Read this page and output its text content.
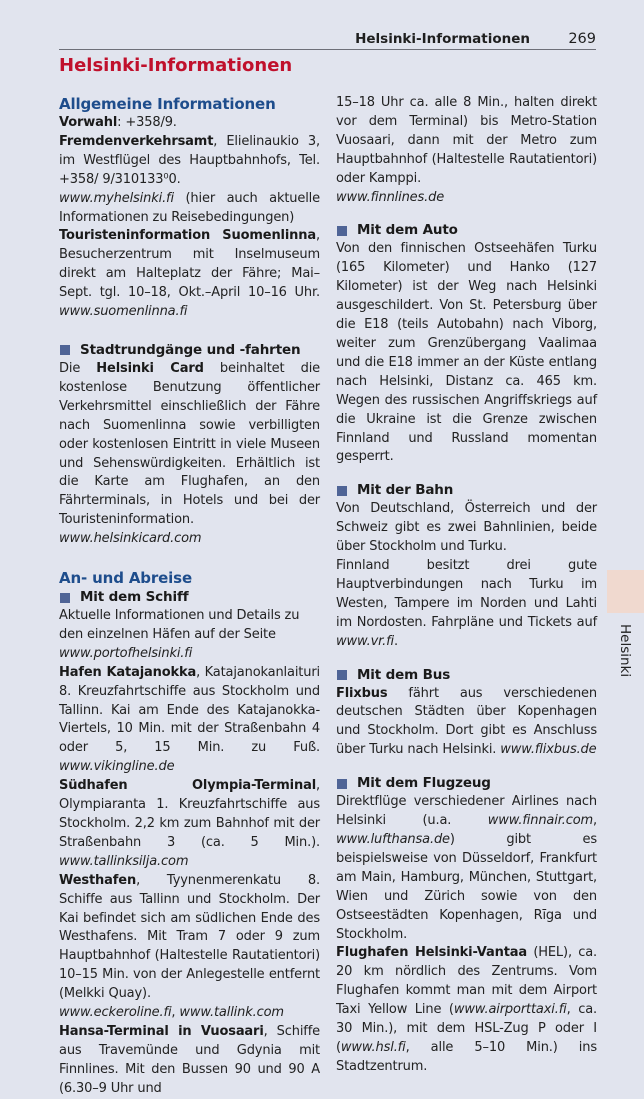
Helsinki-Informationen	269
Helsinki-Informationen
Allgemeine Informationen

Vorwahl: +358/9.

Fremdenverkehrsamt, Elielinaukio 3, im Westflügel des Hauptbahnhofs, Tel. +358/ 9/310133⁰0.

www.myhelsinki.fi (hier auch aktuelle Informationen zu Reisebedingungen)

Touristeninformation Suomenlinna, Besucherzentrum mit Inselmuseum direkt am Halteplatz der Fähre; Mai–Sept. tgl. 10–18, Okt.–April 10–16 Uhr. www.suomenlinna.fi

Stadtrundgänge und -fahrten

Die Helsinki Card beinhaltet die kostenlose Benutzung öffentlicher Verkehrsmittel einschließlich der Fähre nach Suomenlinna sowie verbilligten oder kostenlosen Eintritt in viele Museen und Sehenswürdigkeiten. Erhältlich ist die Karte am Flughafen, an den Fährterminals, in Hotels und bei der Touristeninformation.
www.helsinkicard.com

An- und Abreise
Mit dem Schiff

Aktuelle Informationen und Details zu den einzelnen Häfen auf der Seite
www.portofhelsinki.fi

Hafen Katajanokka, Katajanokanlaituri 8. Kreuzfahrtschiffe aus Stockholm und Tallinn. Kai am Ende des Katajanokka-Viertels, 10 Min. mit der Straßenbahn 4 oder 5, 15 Min. zu Fuß. www.vikingline.de

Südhafen Olympia-Terminal, Olympiaranta 1. Kreuzfahrtschiffe aus Stockholm. 2,2 km zum Bahnhof mit der Straßenbahn 3 (ca. 5 Min.). www.tallinksilja.com

Westhafen, Tyynenmerenkatu 8. Schiffe aus Tallinn und Stockholm. Der Kai befindet sich am südlichen Ende des Westhafens. Mit Tram 7 oder 9 zum Hauptbahnhof (Haltestelle Rautatientori) 10–15 Min. von der Anlegestelle entfernt (Melkki Quay).
www.eckeroline.fi, www.tallink.com

Hansa-Terminal in Vuosaari, Schiffe aus Travemünde und Gdynia mit Finnlines. Mit den Bussen 90 und 90 A (6.30–9 Uhr und

15–18 Uhr ca. alle 8 Min., halten direkt vor dem Terminal) bis Metro-Station Vuosaari, dann mit der Metro zum Hauptbahnhof (Haltestelle Rautatientori) oder Kamppi.
www.finnlines.de

Mit dem Auto

Von den finnischen Ostseehäfen Turku (165 Kilometer) und Hanko (127 Kilometer) ist der Weg nach Helsinki ausgeschildert. Von St. Petersburg über die E18 (teils Autobahn) nach Viborg, weiter zum Grenzübergang Vaalimaa und die E18 immer an der Küste entlang nach Helsinki, Distanz ca. 465 km. Wegen des russischen Angriffskriegs auf die Ukraine ist die Grenze zwischen Finnland und Russland momentan gesperrt.

Mit der Bahn

Von Deutschland, Österreich und der Schweiz gibt es zwei Bahnlinien, beide über Stockholm und Turku.

Finnland besitzt drei gute Hauptverbindungen nach Turku im Westen, Tampere im Norden und Lahti im Nordosten. Fahrpläne und Tickets auf www.vr.fi.

Mit dem Bus

Flixbus fährt aus verschiedenen deutschen Städten über Kopenhagen und Stockholm. Dort gibt es Anschluss über Turku nach Helsinki. www.flixbus.de

Mit dem Flugzeug

Direktflüge verschiedener Airlines nach Helsinki (u.a. www.finnair.com, www.lufthansa.de) gibt es beispielsweise von Düsseldorf, Frankfurt am Main, Hamburg, München, Stuttgart, Wien und Zürich sowie von den Ostseestädten Kopenhagen, Rīga und Stockholm.

Flughafen Helsinki-Vantaa (HEL), ca. 20 km nördlich des Zentrums. Vom Flughafen kommt man mit dem Airport Taxi Yellow Line (www.airporttaxi.fi, ca. 30 Min.), mit dem HSL-Zug P oder I (www.hsl.fi, alle 5–10 Min.) ins Stadtzentrum.

Helsinki
